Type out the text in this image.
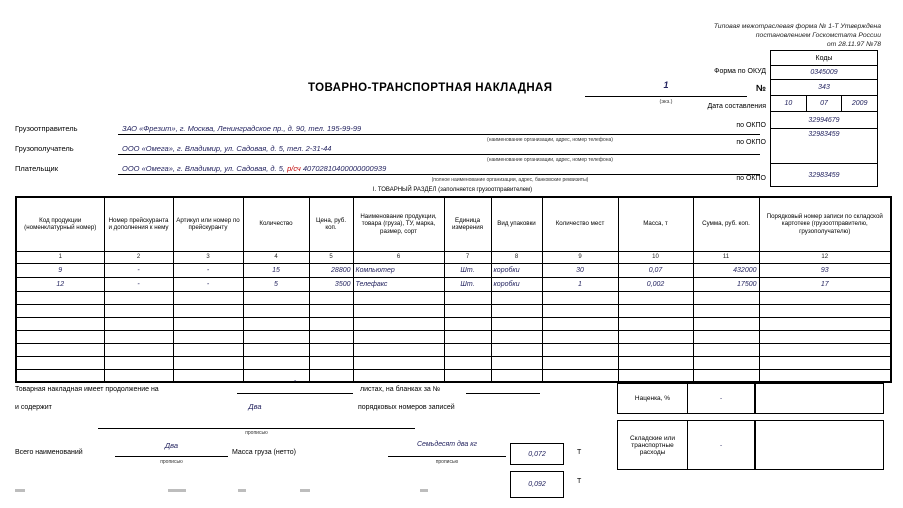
Типовая межотраслевая форма № 1-Т Утверждена
постановлением Госкомстата России
от 28.11.97 №78
ТОВАРНО-ТРАНСПОРТНАЯ НАКЛАДНАЯ	1
(экз.)
Форма по ОКУД
№
Дата составления
по ОКПО
по ОКПО
по ОКПО
Коды
0345009
343
10	07	2009
32994679
32983459
32983459
Грузоотправитель	ЗАО «Фрезит», г. Москва, Ленинградское пр., д. 90, тел. 195-99-99
(наименование организации, адрес, номер телефона)
Грузополучатель	ООО «Омега», г. Владимир, ул. Садовая, д. 5, тел. 2-31-44
(наименование организации, адрес, номер телефона)
Плательщик	ООО «Омега», г. Владимир, ул. Садовая, д. 5, р/сч 40702810400000000939
(полное наименование организации, адрес, банковские реквизиты)
I. ТОВАРНЫЙ РАЗДЕЛ (заполняется грузоотправителем)
Код продукции (номенклатурный номер)	Номер прейскуранта и дополнения к нему	Артикул или номер по прейскуранту	Количество	Цена, руб. коп.	Наименование продукции, товара (груза), ТУ, марка, размер, сорт	Единица измерения	Вид упаковки	Количество мест	Масса, т	Сумма, руб. коп.	Порядковый номер записи по складской картотеке (грузоотправителю, грузополучателю)
1	2	3	4	5	6	7	8	9	10	11	12
9	-	-	15	28800	Компьютер	Шт.	коробки	30	0,07	432000	93
12	-	-	5	3500	Телефакс	Шт.	коробки	1	0,002	17500	17

Товарная накладная имеет продолжение на
-
листах, на бланках за №
и содержит	Два	порядковых номеров записей
прописью
Наценка, %	-
Складские или транспортные расходы
-
Всего наименований
Два
прописью
Масса груза (нетто)
Семьдесят два кг
прописью
0,072	Т
0,092	Т
